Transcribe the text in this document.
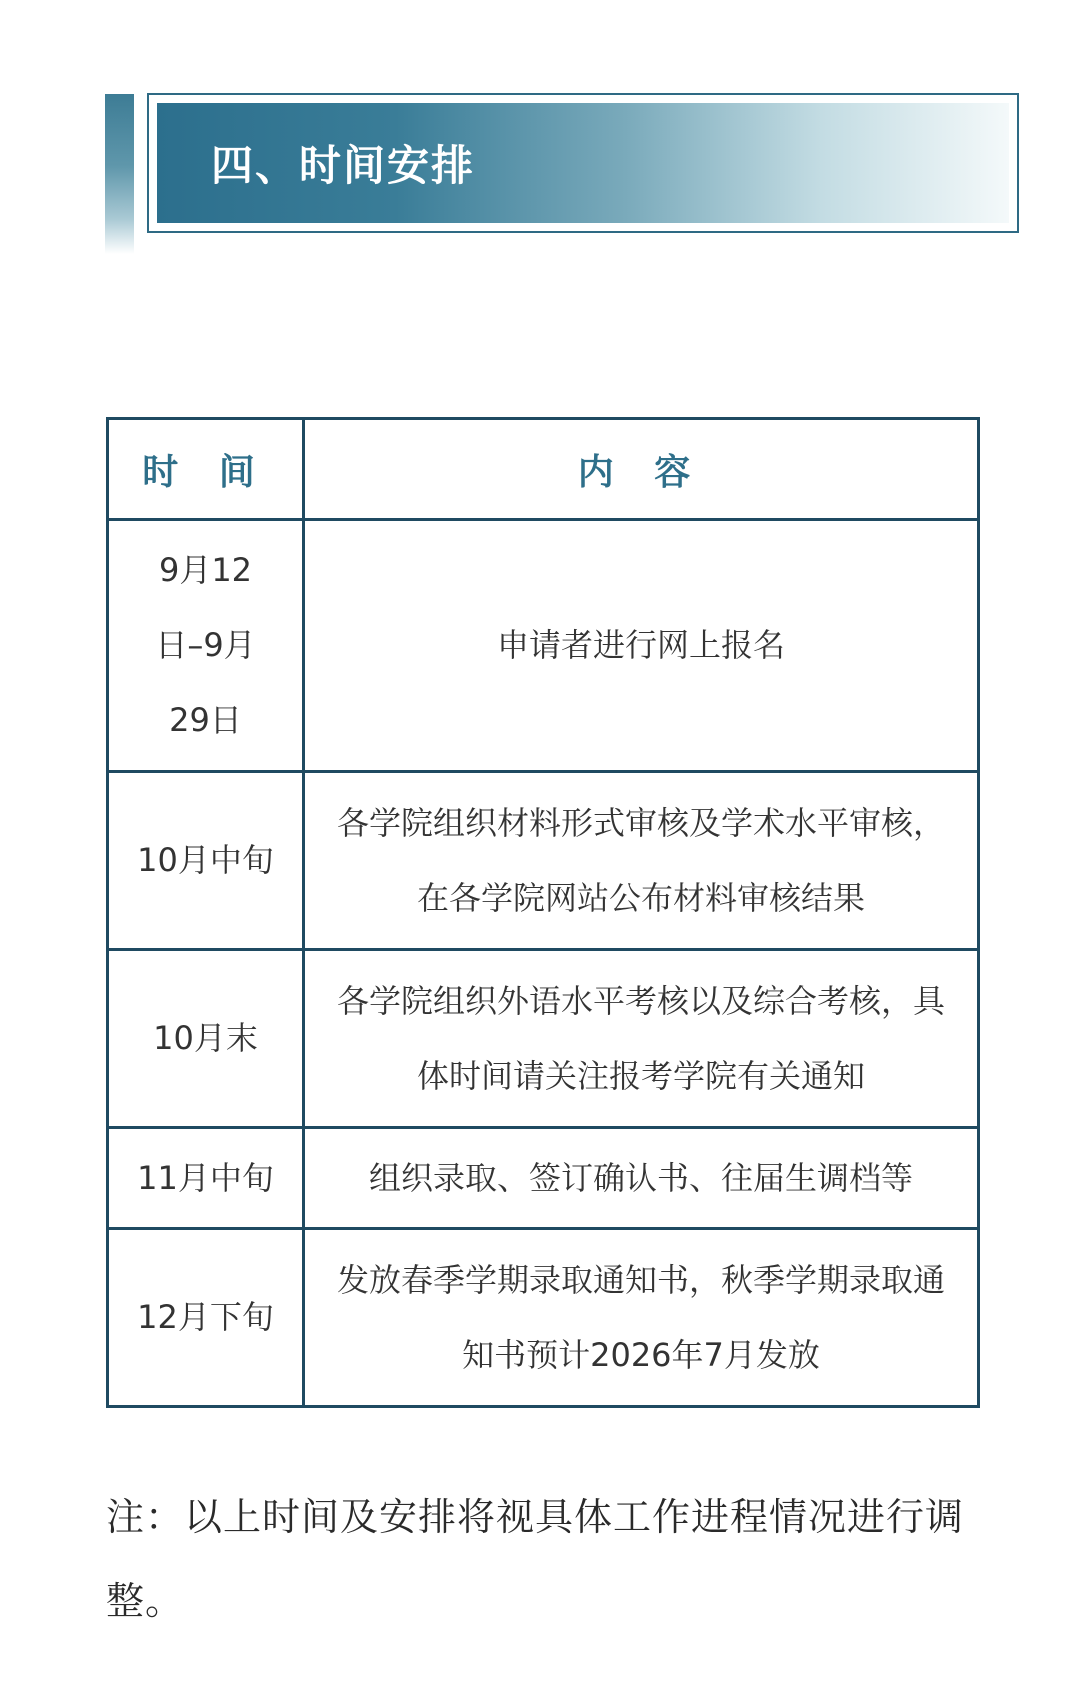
四、时间安排
时 间	内 容

9月12日–9月29日	申请者进行网上报名

10月中旬	各学院组织材料形式审核及学术水平审核，在各学院网站公布材料审核结果

10月末	各学院组织外语水平考核以及综合考核，具体时间请关注报考学院有关通知

11月中旬	组织录取、签订确认书、往届生调档等

12月下旬	发放春季学期录取通知书，秋季学期录取通知书预计2026年7月发放
注：以上时间及安排将视具体工作进程情况进行调整。
